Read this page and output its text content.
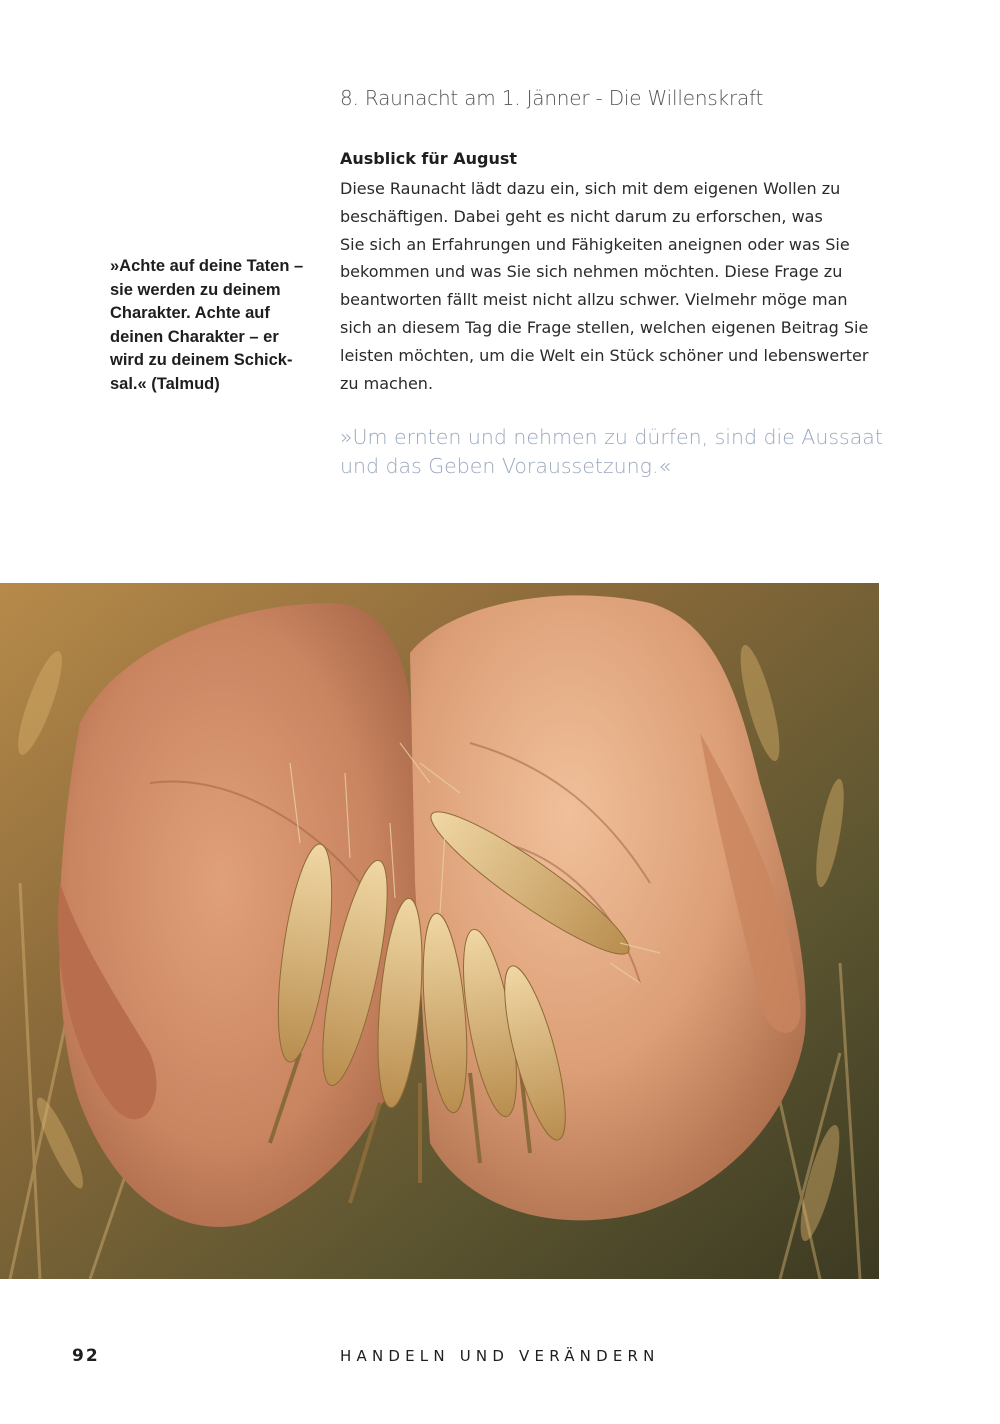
8. Raunacht am 1. Jänner - Die Willenskraft
»Achte auf deine Taten –
sie werden zu deinem
Charakter. Achte auf
deinen Charakter – er
wird zu deinem Schick-
sal.« (Talmud)
Ausblick für August
Diese Raunacht lädt dazu ein, sich mit dem eigenen Wollen zu
beschäftigen. Dabei geht es nicht darum zu erforschen, was
Sie sich an Erfahrungen und Fähigkeiten aneignen oder was Sie
bekommen und was Sie sich nehmen möchten. Diese Frage zu
beantworten fällt meist nicht allzu schwer. Vielmehr möge man
sich an diesem Tag die Frage stellen, welchen eigenen Beitrag Sie
leisten möchten, um die Welt ein Stück schöner und lebenswerter
zu machen.
»Um ernten und nehmen zu dürfen, sind die Aussaat
und das Geben Voraussetzung.«
92	HANDELN UND VERÄNDERN
